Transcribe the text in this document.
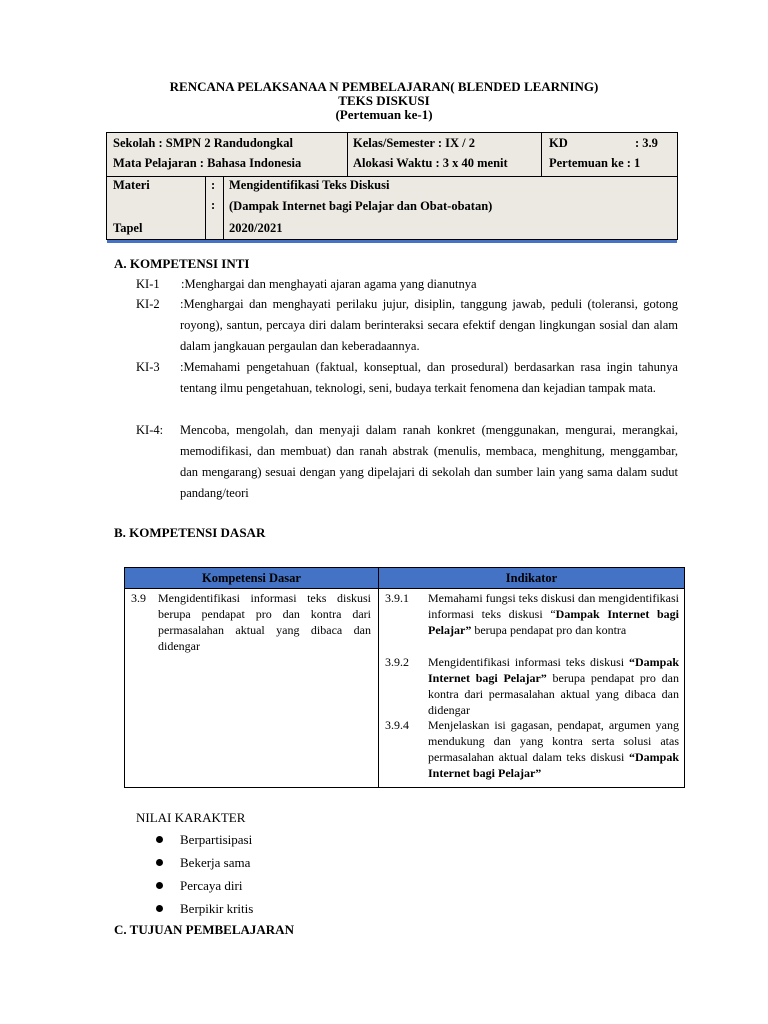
RENCANA PELAKSANAA N PEMBELAJARAN( BLENDED LEARNING)
TEKS DISKUSI
(Pertemuan ke-1)
Sekolah : SMPN 2 Randudongkal
Mata Pelajaran : Bahasa Indonesia
Kelas/Semester : IX / 2
Alokasi Waktu : 3 x 40 menit
KD	: 3.9
Pertemuan ke : 1
Materi
Tapel
:
:
Mengidentifikasi Teks Diskusi
(Dampak Internet bagi Pelajar dan Obat-obatan)
2020/2021
A. KOMPETENSI INTI
KI-1 :Menghargai dan menghayati ajaran agama yang dianutnya
KI-2 :Menghargai dan menghayati perilaku jujur, disiplin, tanggung jawab, peduli (toleransi, gotong royong), santun, percaya diri dalam berinteraksi secara efektif dengan lingkungan sosial dan alam dalam jangkauan pergaulan dan keberadaannya.
KI-3 :Memahami pengetahuan (faktual, konseptual, dan prosedural) berdasarkan rasa ingin tahunya tentang ilmu pengetahuan, teknologi, seni, budaya terkait fenomena dan kejadian tampak mata.
KI-4: Mencoba, mengolah, dan menyaji dalam ranah konkret (menggunakan, mengurai, merangkai, memodifikasi, dan membuat) dan ranah abstrak (menulis, membaca, menghitung, menggambar, dan mengarang) sesuai dengan yang dipelajari di sekolah dan sumber lain yang sama dalam sudut pandang/teori
B. KOMPETENSI DASAR
Kompetensi Dasar	Indikator
3.9 Mengidentifikasi informasi teks diskusi berupa pendapat pro dan kontra dari permasalahan aktual yang dibaca dan didengar
3.9.1 Memahami fungsi teks diskusi dan mengidentifikasi informasi teks diskusi “Dampak Internet bagi Pelajar” berupa pendapat pro dan kontra
3.9.2 Mengidentifikasi informasi teks diskusi “Dampak Internet bagi Pelajar” berupa pendapat pro dan kontra dari permasalahan aktual yang dibaca dan didengar
3.9.4 Menjelaskan isi gagasan, pendapat, argumen yang mendukung dan yang kontra serta solusi atas permasalahan aktual dalam teks diskusi “Dampak Internet bagi Pelajar”
NILAI KARAKTER
Berpartisipasi
Bekerja sama
Percaya diri
Berpikir kritis
C. TUJUAN PEMBELAJARAN
